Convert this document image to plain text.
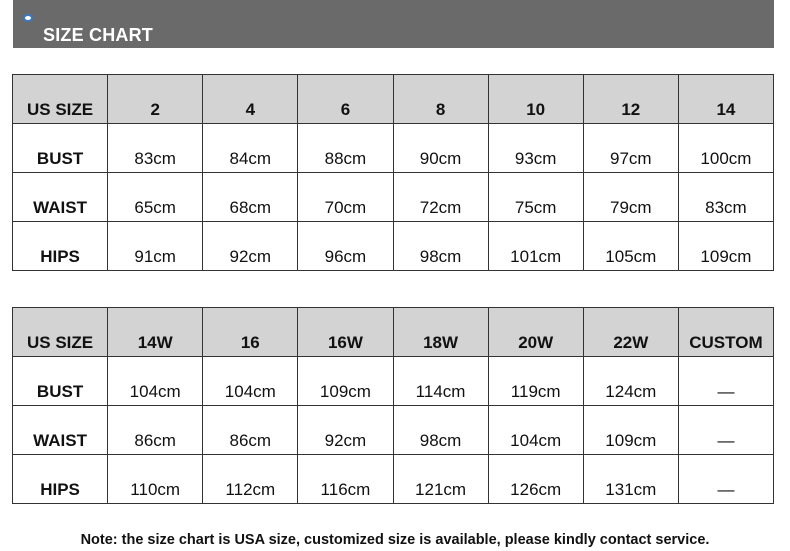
SIZE CHART
US SIZE	2	4	6	8	10	12	14
BUST	83cm	84cm	88cm	90cm	93cm	97cm	100cm
WAIST	65cm	68cm	70cm	72cm	75cm	79cm	83cm
HIPS	91cm	92cm	96cm	98cm	101cm	105cm	109cm
US SIZE	14W	16	16W	18W	20W	22W	CUSTOM
BUST	104cm	104cm	109cm	114cm	119cm	124cm	—
WAIST	86cm	86cm	92cm	98cm	104cm	109cm	—
HIPS	110cm	112cm	116cm	121cm	126cm	131cm	—
Note: the size chart is USA size, customized size is available, please kindly contact service.
